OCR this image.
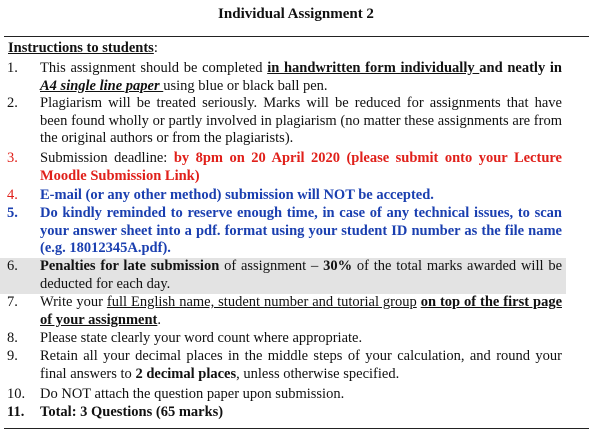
Individual Assignment 2
Instructions to students:
1. This assignment should be completed in handwritten form individually and neatly in A4 single line paper using blue or black ball pen.
2. Plagiarism will be treated seriously. Marks will be reduced for assignments that have been found wholly or partly involved in plagiarism (no matter these assignments are from the original authors or from the plagiarists).
3. Submission deadline: by 8pm on 20 April 2020 (please submit onto your Lecture Moodle Submission Link)
4. E-mail (or any other method) submission will NOT be accepted.
5. Do kindly reminded to reserve enough time, in case of any technical issues, to scan your answer sheet into a pdf. format using your student ID number as the file name (e.g. 18012345A.pdf).
6. Penalties for late submission of assignment – 30% of the total marks awarded will be deducted for each day.
7. Write your full English name, student number and tutorial group on top of the first page of your assignment.
8. Please state clearly your word count where appropriate.
9. Retain all your decimal places in the middle steps of your calculation, and round your final answers to 2 decimal places, unless otherwise specified.
10. Do NOT attach the question paper upon submission.
11. Total: 3 Questions (65 marks)
